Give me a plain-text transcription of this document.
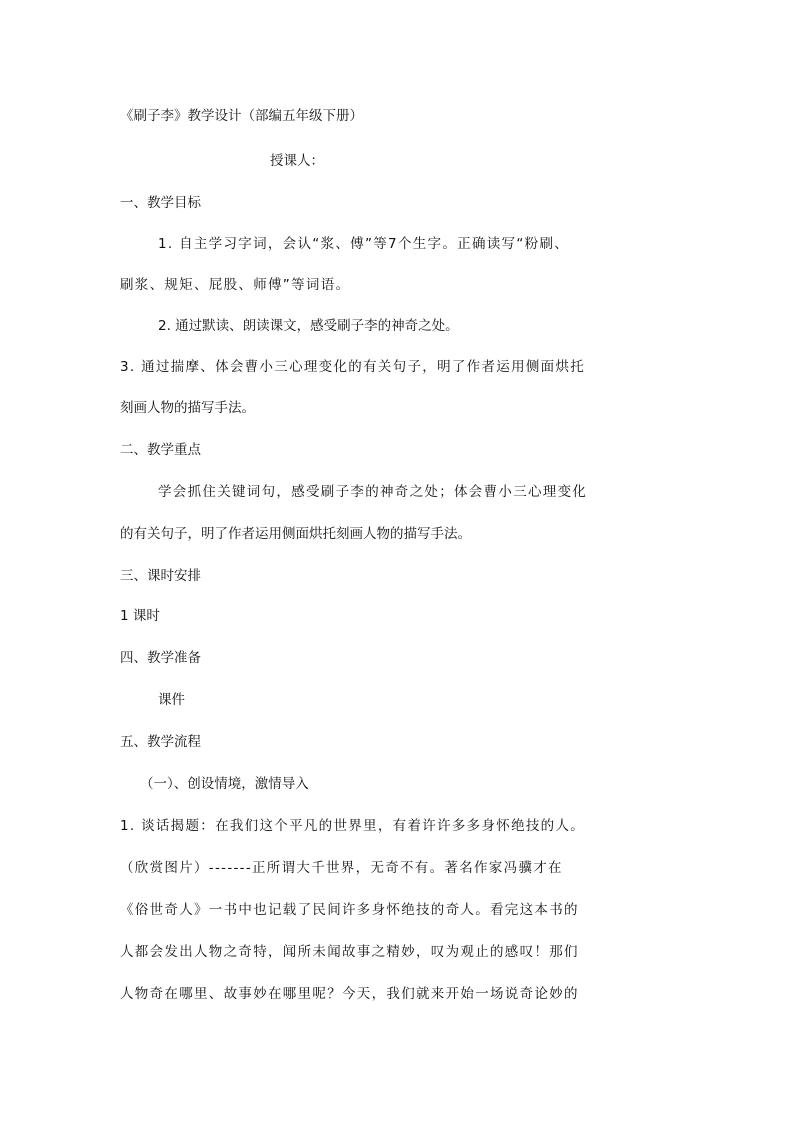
《刷子李》教学设计（部编五年级下册）
授课人：
一、教学目标
1. 自主学习字词，会认“浆、傅”等7个生字。正确读写“粉刷、
刷浆、规矩、屁股、师傅”等词语。
2. 通过默读、朗读课文，感受刷子李的神奇之处。
3. 通过揣摩、体会曹小三心理变化的有关句子，明了作者运用侧面烘托
刻画人物的描写手法。
二、教学重点
学会抓住关键词句，感受刷子李的神奇之处；体会曹小三心理变化
的有关句子，明了作者运用侧面烘托刻画人物的描写手法。
三、课时安排
1 课时
四、教学准备
课件
五、教学流程
（一）、创设情境，激情导入
1. 谈话揭题：在我们这个平凡的世界里，有着许许多多身怀绝技的人。
（欣赏图片）-------正所谓大千世界，无奇不有。著名作家冯骥才在
《俗世奇人》一书中也记载了民间许多身怀绝技的奇人。看完这本书的
人都会发出人物之奇特，闻所未闻故事之精妙，叹为观止的感叹！那们
人物奇在哪里、故事妙在哪里呢？今天，我们就来开始一场说奇论妙的
